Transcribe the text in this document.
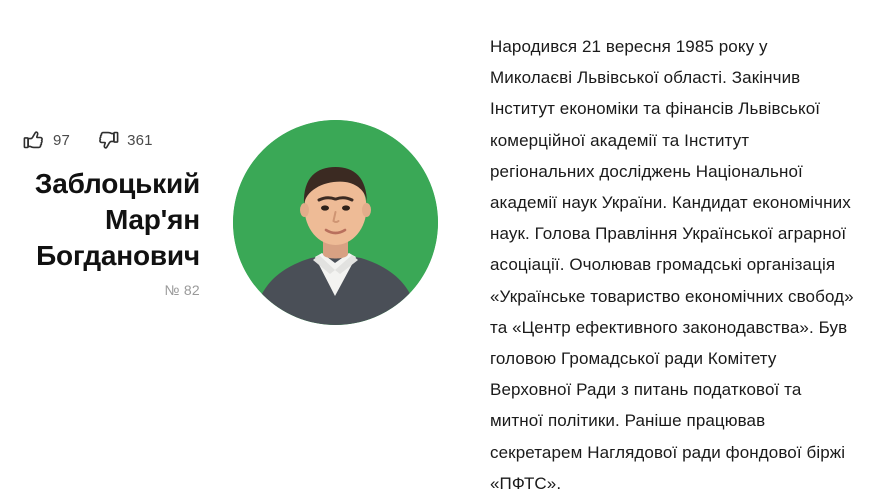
97	361
Заблоцький
Мар'ян
Богданович
№ 82

Народився 21 вересня 1985 року у Миколаєві Львівської області. Закінчив Інститут економіки та фінансів Львівської комерційної академії та Інститут регіональних досліджень Національної академії наук України. Кандидат економічних наук. Голова Правління Української аграрної асоціації. Очолював громадські організація «Українське товариство економічних свобод» та «Центр ефективного законодавства». Був головою Громадської ради Комітету Верховної Ради з питань податкової та митної політики. Раніше працював секретарем Наглядової ради фондової біржі «ПФТС».
